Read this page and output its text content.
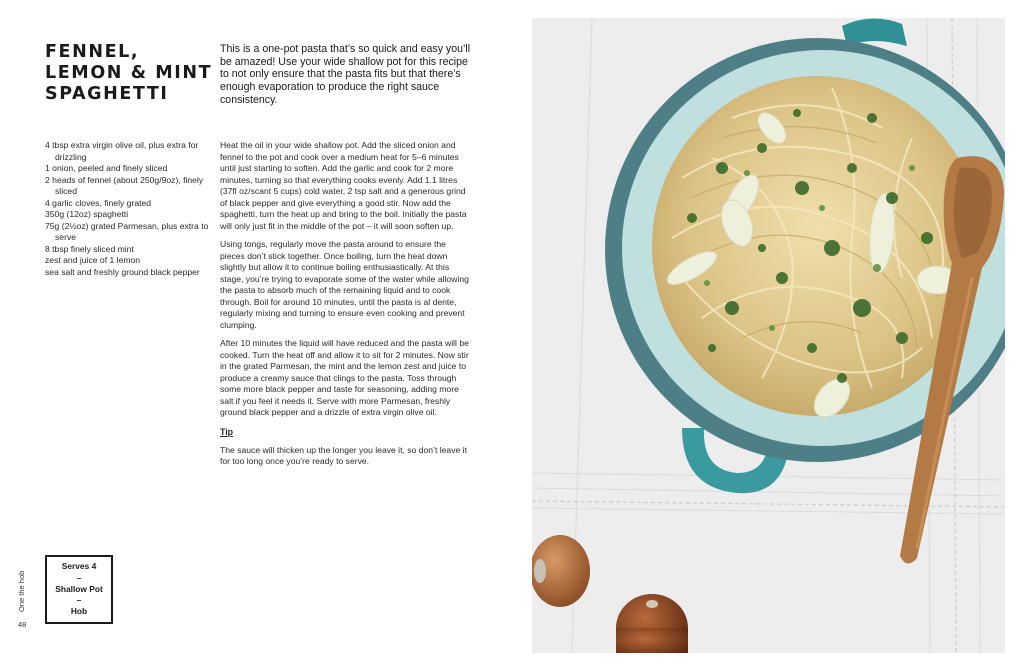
FENNEL,
LEMON & MINT
SPAGHETTI

This is a one-pot pasta that’s so quick and easy you’ll be amazed! Use your wide shallow pot for this recipe to not only ensure that the pasta fits but that there’s enough evaporation to produce the right sauce consistency.

4 tbsp extra virgin olive oil, plus extra for drizzling
1 onion, peeled and finely sliced
2 heads of fennel (about 250g/9oz), finely sliced
4 garlic cloves, finely grated
350g (12oz) spaghetti
75g (2½oz) grated Parmesan, plus extra to serve
8 tbsp finely sliced mint
zest and juice of 1 lemon
sea salt and freshly ground black pepper

Heat the oil in your wide shallow pot. Add the sliced onion and fennel to the pot and cook over a medium heat for 5–6 minutes until just starting to soften. Add the garlic and cook for 2 more minutes, turning so that everything cooks evenly. Add 1.1 litres (37fl oz/scant 5 cups) cold water, 2 tsp salt and a generous grind of black pepper and give everything a good stir. Now add the spaghetti, turn the heat up and bring to the boil. Initially the pasta will only just fit in the middle of the pot – it will soon soften up.

Using tongs, regularly move the pasta around to ensure the pieces don’t stick together. Once boiling, turn the heat down slightly but allow it to continue boiling enthusiastically. At this stage, you’re trying to evaporate some of the water while allowing the pasta to absorb much of the remaining liquid and to cook through. Boil for around 10 minutes, until the pasta is al dente, regularly mixing and turning to ensure even cooking and prevent clumping.

After 10 minutes the liquid will have reduced and the pasta will be cooked. Turn the heat off and allow it to sit for 2 minutes. Now stir in the grated Parmesan, the mint and the lemon zest and juice to produce a creamy sauce that clings to the pasta. Toss through some more black pepper and taste for seasoning, adding more salt if you feel it needs it. Serve with more Parmesan, freshly ground black pepper and a drizzle of extra virgin olive oil.

Tip

The sauce will thicken up the longer you leave it, so don’t leave it for too long once you’re ready to serve.

Serves 4
–
Shallow Pot
–
Hob
One the hob
48
